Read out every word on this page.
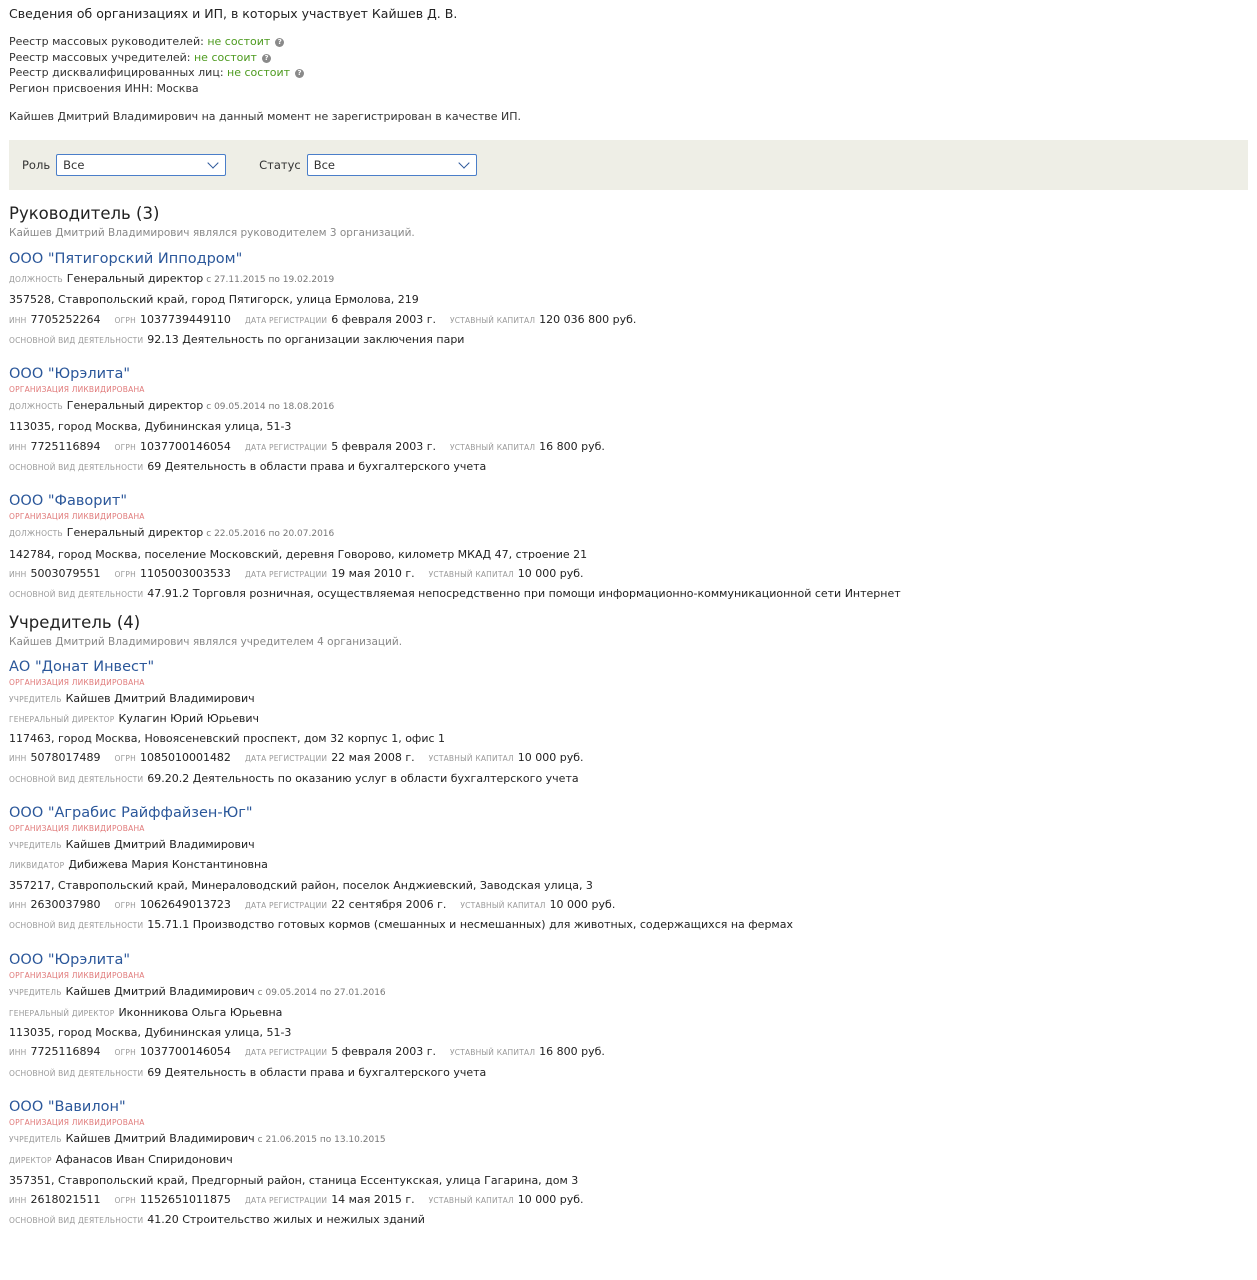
Сведения об организациях и ИП, в которых участвует Кайшев Д. В.
Реестр массовых руководителей: не состоит ?
Реестр массовых учредителей: не состоит ?
Реестр дисквалифицированных лиц: не состоит ?
Регион присвоения ИНН: Москва
Кайшев Дмитрий Владимирович на данный момент не зарегистрирован в качестве ИП.
Роль Все	Статус Все
Руководитель (3)
Кайшев Дмитрий Владимирович являлся руководителем 3 организаций.
ООО "Пятигорский Ипподром"
ДОЛЖНОСТЬ Генеральный директор с 27.11.2015 по 19.02.2019
357528, Ставропольский край, город Пятигорск, улица Ермолова, 219
ИНН 7705252264 ОГРН 1037739449110 ДАТА РЕГИСТРАЦИИ 6 февраля 2003 г. УСТАВНЫЙ КАПИТАЛ 120 036 800 руб.
ОСНОВНОЙ ВИД ДЕЯТЕЛЬНОСТИ 92.13 Деятельность по организации заключения пари
ООО "Юрэлита"
ОРГАНИЗАЦИЯ ЛИКВИДИРОВАНА
ДОЛЖНОСТЬ Генеральный директор с 09.05.2014 по 18.08.2016
113035, город Москва, Дубининская улица, 51-3
ИНН 7725116894 ОГРН 1037700146054 ДАТА РЕГИСТРАЦИИ 5 февраля 2003 г. УСТАВНЫЙ КАПИТАЛ 16 800 руб.
ОСНОВНОЙ ВИД ДЕЯТЕЛЬНОСТИ 69 Деятельность в области права и бухгалтерского учета
ООО "Фаворит"
ОРГАНИЗАЦИЯ ЛИКВИДИРОВАНА
ДОЛЖНОСТЬ Генеральный директор с 22.05.2016 по 20.07.2016
142784, город Москва, поселение Московский, деревня Говорово, километр МКАД 47, строение 21
ИНН 5003079551 ОГРН 1105003003533 ДАТА РЕГИСТРАЦИИ 19 мая 2010 г. УСТАВНЫЙ КАПИТАЛ 10 000 руб.
ОСНОВНОЙ ВИД ДЕЯТЕЛЬНОСТИ 47.91.2 Торговля розничная, осуществляемая непосредственно при помощи информационно-коммуникационной сети Интернет
Учредитель (4)
Кайшев Дмитрий Владимирович являлся учредителем 4 организаций.
АО "Донат Инвест"
ОРГАНИЗАЦИЯ ЛИКВИДИРОВАНА
УЧРЕДИТЕЛЬ Кайшев Дмитрий Владимирович
ГЕНЕРАЛЬНЫЙ ДИРЕКТОР Кулагин Юрий Юрьевич
117463, город Москва, Новоясеневский проспект, дом 32 корпус 1, офис 1
ИНН 5078017489 ОГРН 1085010001482 ДАТА РЕГИСТРАЦИИ 22 мая 2008 г. УСТАВНЫЙ КАПИТАЛ 10 000 руб.
ОСНОВНОЙ ВИД ДЕЯТЕЛЬНОСТИ 69.20.2 Деятельность по оказанию услуг в области бухгалтерского учета
ООО "Аграбис Райффайзен-Юг"
ОРГАНИЗАЦИЯ ЛИКВИДИРОВАНА
УЧРЕДИТЕЛЬ Кайшев Дмитрий Владимирович
ЛИКВИДАТОР Дибижева Мария Константиновна
357217, Ставропольский край, Минераловодский район, поселок Анджиевский, Заводская улица, 3
ИНН 2630037980 ОГРН 1062649013723 ДАТА РЕГИСТРАЦИИ 22 сентября 2006 г. УСТАВНЫЙ КАПИТАЛ 10 000 руб.
ОСНОВНОЙ ВИД ДЕЯТЕЛЬНОСТИ 15.71.1 Производство готовых кормов (смешанных и несмешанных) для животных, содержащихся на фермах
ООО "Юрэлита"
ОРГАНИЗАЦИЯ ЛИКВИДИРОВАНА
УЧРЕДИТЕЛЬ Кайшев Дмитрий Владимирович с 09.05.2014 по 27.01.2016
ГЕНЕРАЛЬНЫЙ ДИРЕКТОР Иконникова Ольга Юрьевна
113035, город Москва, Дубининская улица, 51-3
ИНН 7725116894 ОГРН 1037700146054 ДАТА РЕГИСТРАЦИИ 5 февраля 2003 г. УСТАВНЫЙ КАПИТАЛ 16 800 руб.
ОСНОВНОЙ ВИД ДЕЯТЕЛЬНОСТИ 69 Деятельность в области права и бухгалтерского учета
ООО "Вавилон"
ОРГАНИЗАЦИЯ ЛИКВИДИРОВАНА
УЧРЕДИТЕЛЬ Кайшев Дмитрий Владимирович с 21.06.2015 по 13.10.2015
ДИРЕКТОР Афанасов Иван Спиридонович
357351, Ставропольский край, Предгорный район, станица Ессентукская, улица Гагарина, дом 3
ИНН 2618021511 ОГРН 1152651011875 ДАТА РЕГИСТРАЦИИ 14 мая 2015 г. УСТАВНЫЙ КАПИТАЛ 10 000 руб.
ОСНОВНОЙ ВИД ДЕЯТЕЛЬНОСТИ 41.20 Строительство жилых и нежилых зданий
